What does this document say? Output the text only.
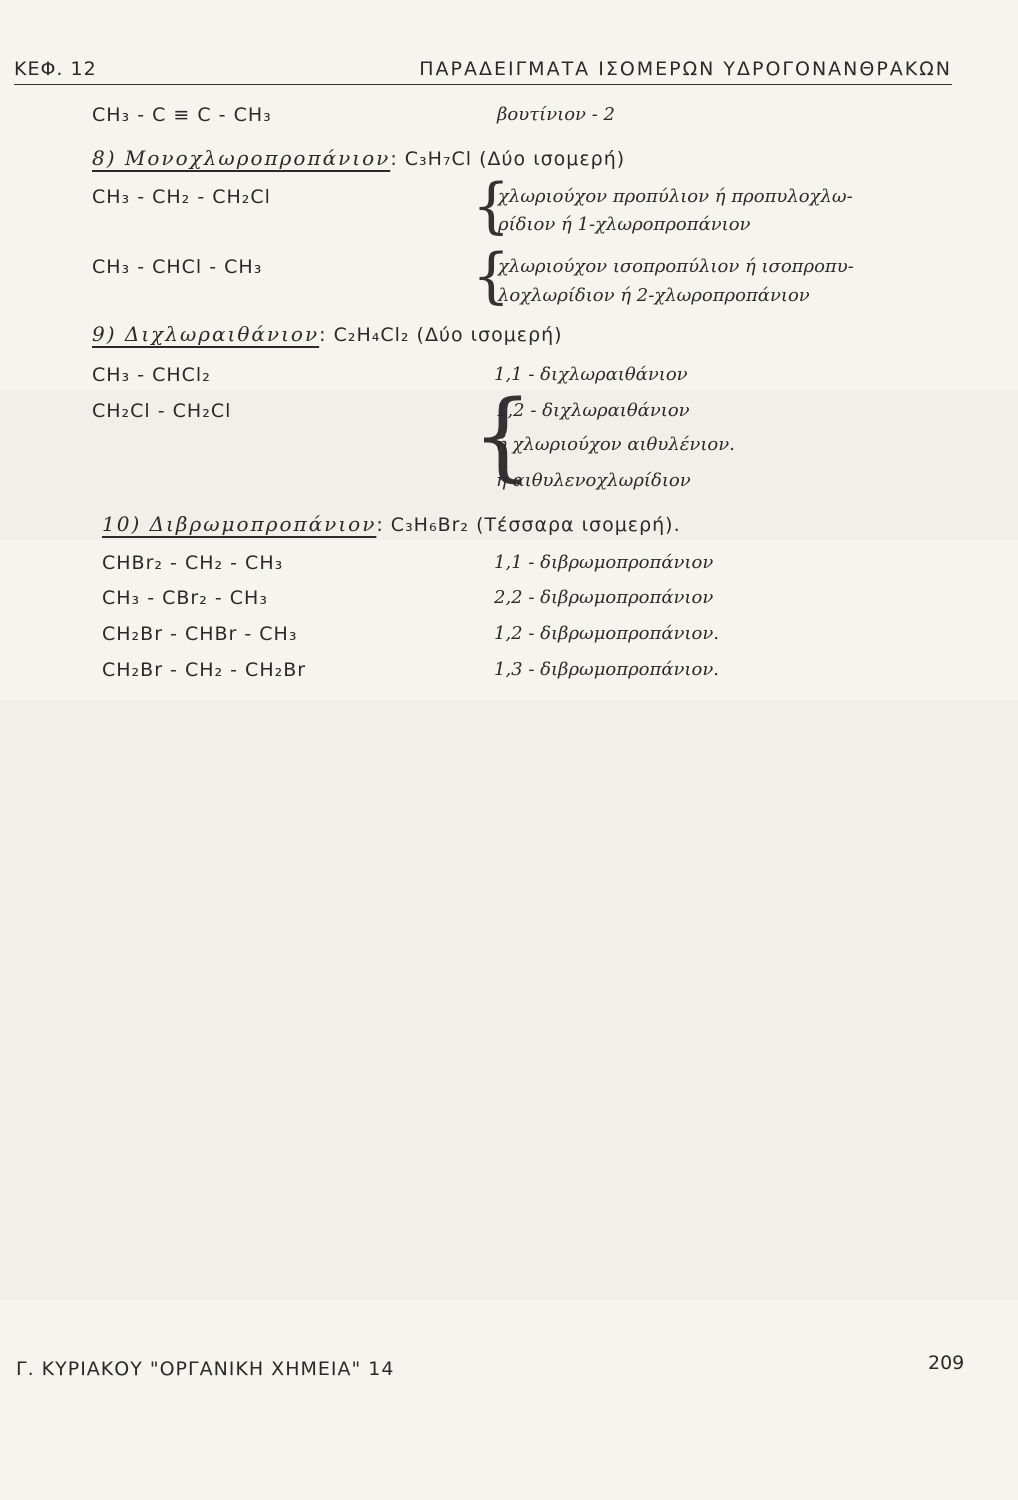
ΚΕΦ. 12	ΠΑΡΑΔΕΙΓΜΑΤΑ ΙΣΟΜΕΡΩΝ ΥΔΡΟΓΟΝΑΝΘΡΑΚΩΝ
CH₃ - C ≡ C - CH₃	βουτίνιον - 2
8) Μονοχλωροπροπάνιον: C₃H₇Cl (Δύο ισομερή)
CH₃ - CH₂ - CH₂Cl	{
χλωριούχον προπύλιον ή προπυλοχλω-
ρίδιον ή 1-χλωροπροπάνιον
CH₃ - CHCl - CH₃	{
χλωριούχον ισοπροπύλιον ή ισοπροπυ-
λοχλωρίδιον ή 2-χλωροπροπάνιον
9) Διχλωραιθάνιον: C₂H₄Cl₂ (Δύο ισομερή)
CH₃ - CHCl₂	1,1 - διχλωραιθάνιον
CH₂Cl - CH₂Cl	{
1,2 - διχλωραιθάνιον
ή χλωριούχον αιθυλένιον.
ή αιθυλενοχλωρίδιον
10) Διβρωμοπροπάνιον: C₃H₆Br₂ (Τέσσαρα ισομερή).
CHBr₂ - CH₂ - CH₃	1,1 - διβρωμοπροπάνιον
CH₃ - CBr₂ - CH₃	2,2 - διβρωμοπροπάνιον
CH₂Br - CHBr - CH₃	1,2 - διβρωμοπροπάνιον.
CH₂Br - CH₂ - CH₂Br	1,3 - διβρωμοπροπάνιον.
Γ. ΚΥΡΙΑΚΟΥ "ΟΡΓΑΝΙΚΗ ΧΗΜΕΙΑ" 14	209
